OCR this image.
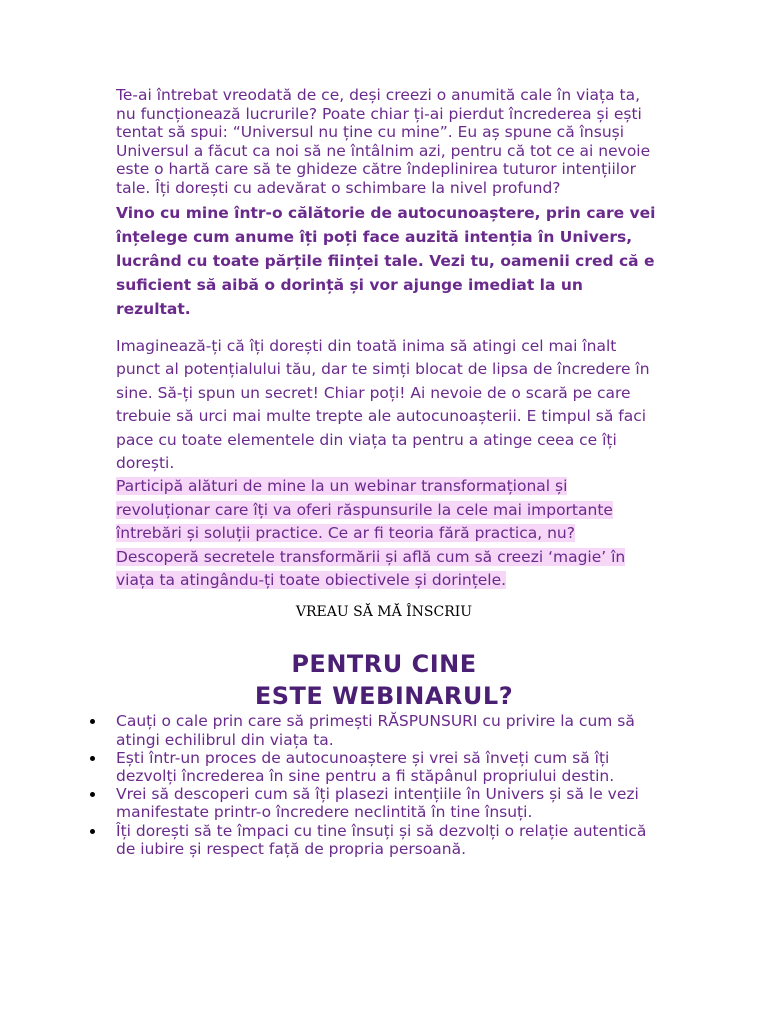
Te-ai întrebat vreodată de ce, deși creezi o anumită cale în viața ta, nu funcționează lucrurile? Poate chiar ți-ai pierdut încrederea și ești tentat să spui: “Universul nu ține cu mine”. Eu aș spune că însuși Universul a făcut ca noi să ne întâlnim azi, pentru că tot ce ai nevoie este o hartă care să te ghideze către îndeplinirea tuturor intențiilor tale. Îți dorești cu adevărat o schimbare la nivel profund?

Vino cu mine într-o călătorie de autocunoaștere, prin care vei înțelege cum anume îți poți face auzită intenția în Univers, lucrând cu toate părțile ființei tale. Vezi tu, oamenii cred că e suficient să aibă o dorință și vor ajunge imediat la un rezultat.

Imaginează-ți că îți dorești din toată inima să atingi cel mai înalt punct al potențialului tău, dar te simți blocat de lipsa de încredere în sine. Să-ți spun un secret! Chiar poți! Ai nevoie de o scară pe care trebuie să urci mai multe trepte ale autocunoașterii. E timpul să faci pace cu toate elementele din viața ta pentru a atinge ceea ce îți dorești.

Participă alături de mine la un webinar transformațional și revoluționar care îți va oferi răspunsurile la cele mai importante întrebări și soluții practice. Ce ar fi teoria fără practica, nu? Descoperă secretele transformării și află cum să creezi ‘magie’ în viața ta atingându-ți toate obiectivele și dorințele.

VREAU SĂ MĂ ÎNSCRIU
PENTRU CINE
ESTE WEBINARUL?
Cauți o cale prin care să primești RĂSPUNSURI cu privire la cum să atingi echilibrul din viața ta.
Ești într-un proces de autocunoaștere și vrei să înveți cum să îți dezvolți încrederea în sine pentru a fi stăpânul propriului destin.
Vrei să descoperi cum să îți plasezi intențiile în Univers și să le vezi manifestate printr-o încredere neclintită în tine însuți.
Îți dorești să te împaci cu tine însuți și să dezvolți o relație autentică de iubire și respect față de propria persoană.
